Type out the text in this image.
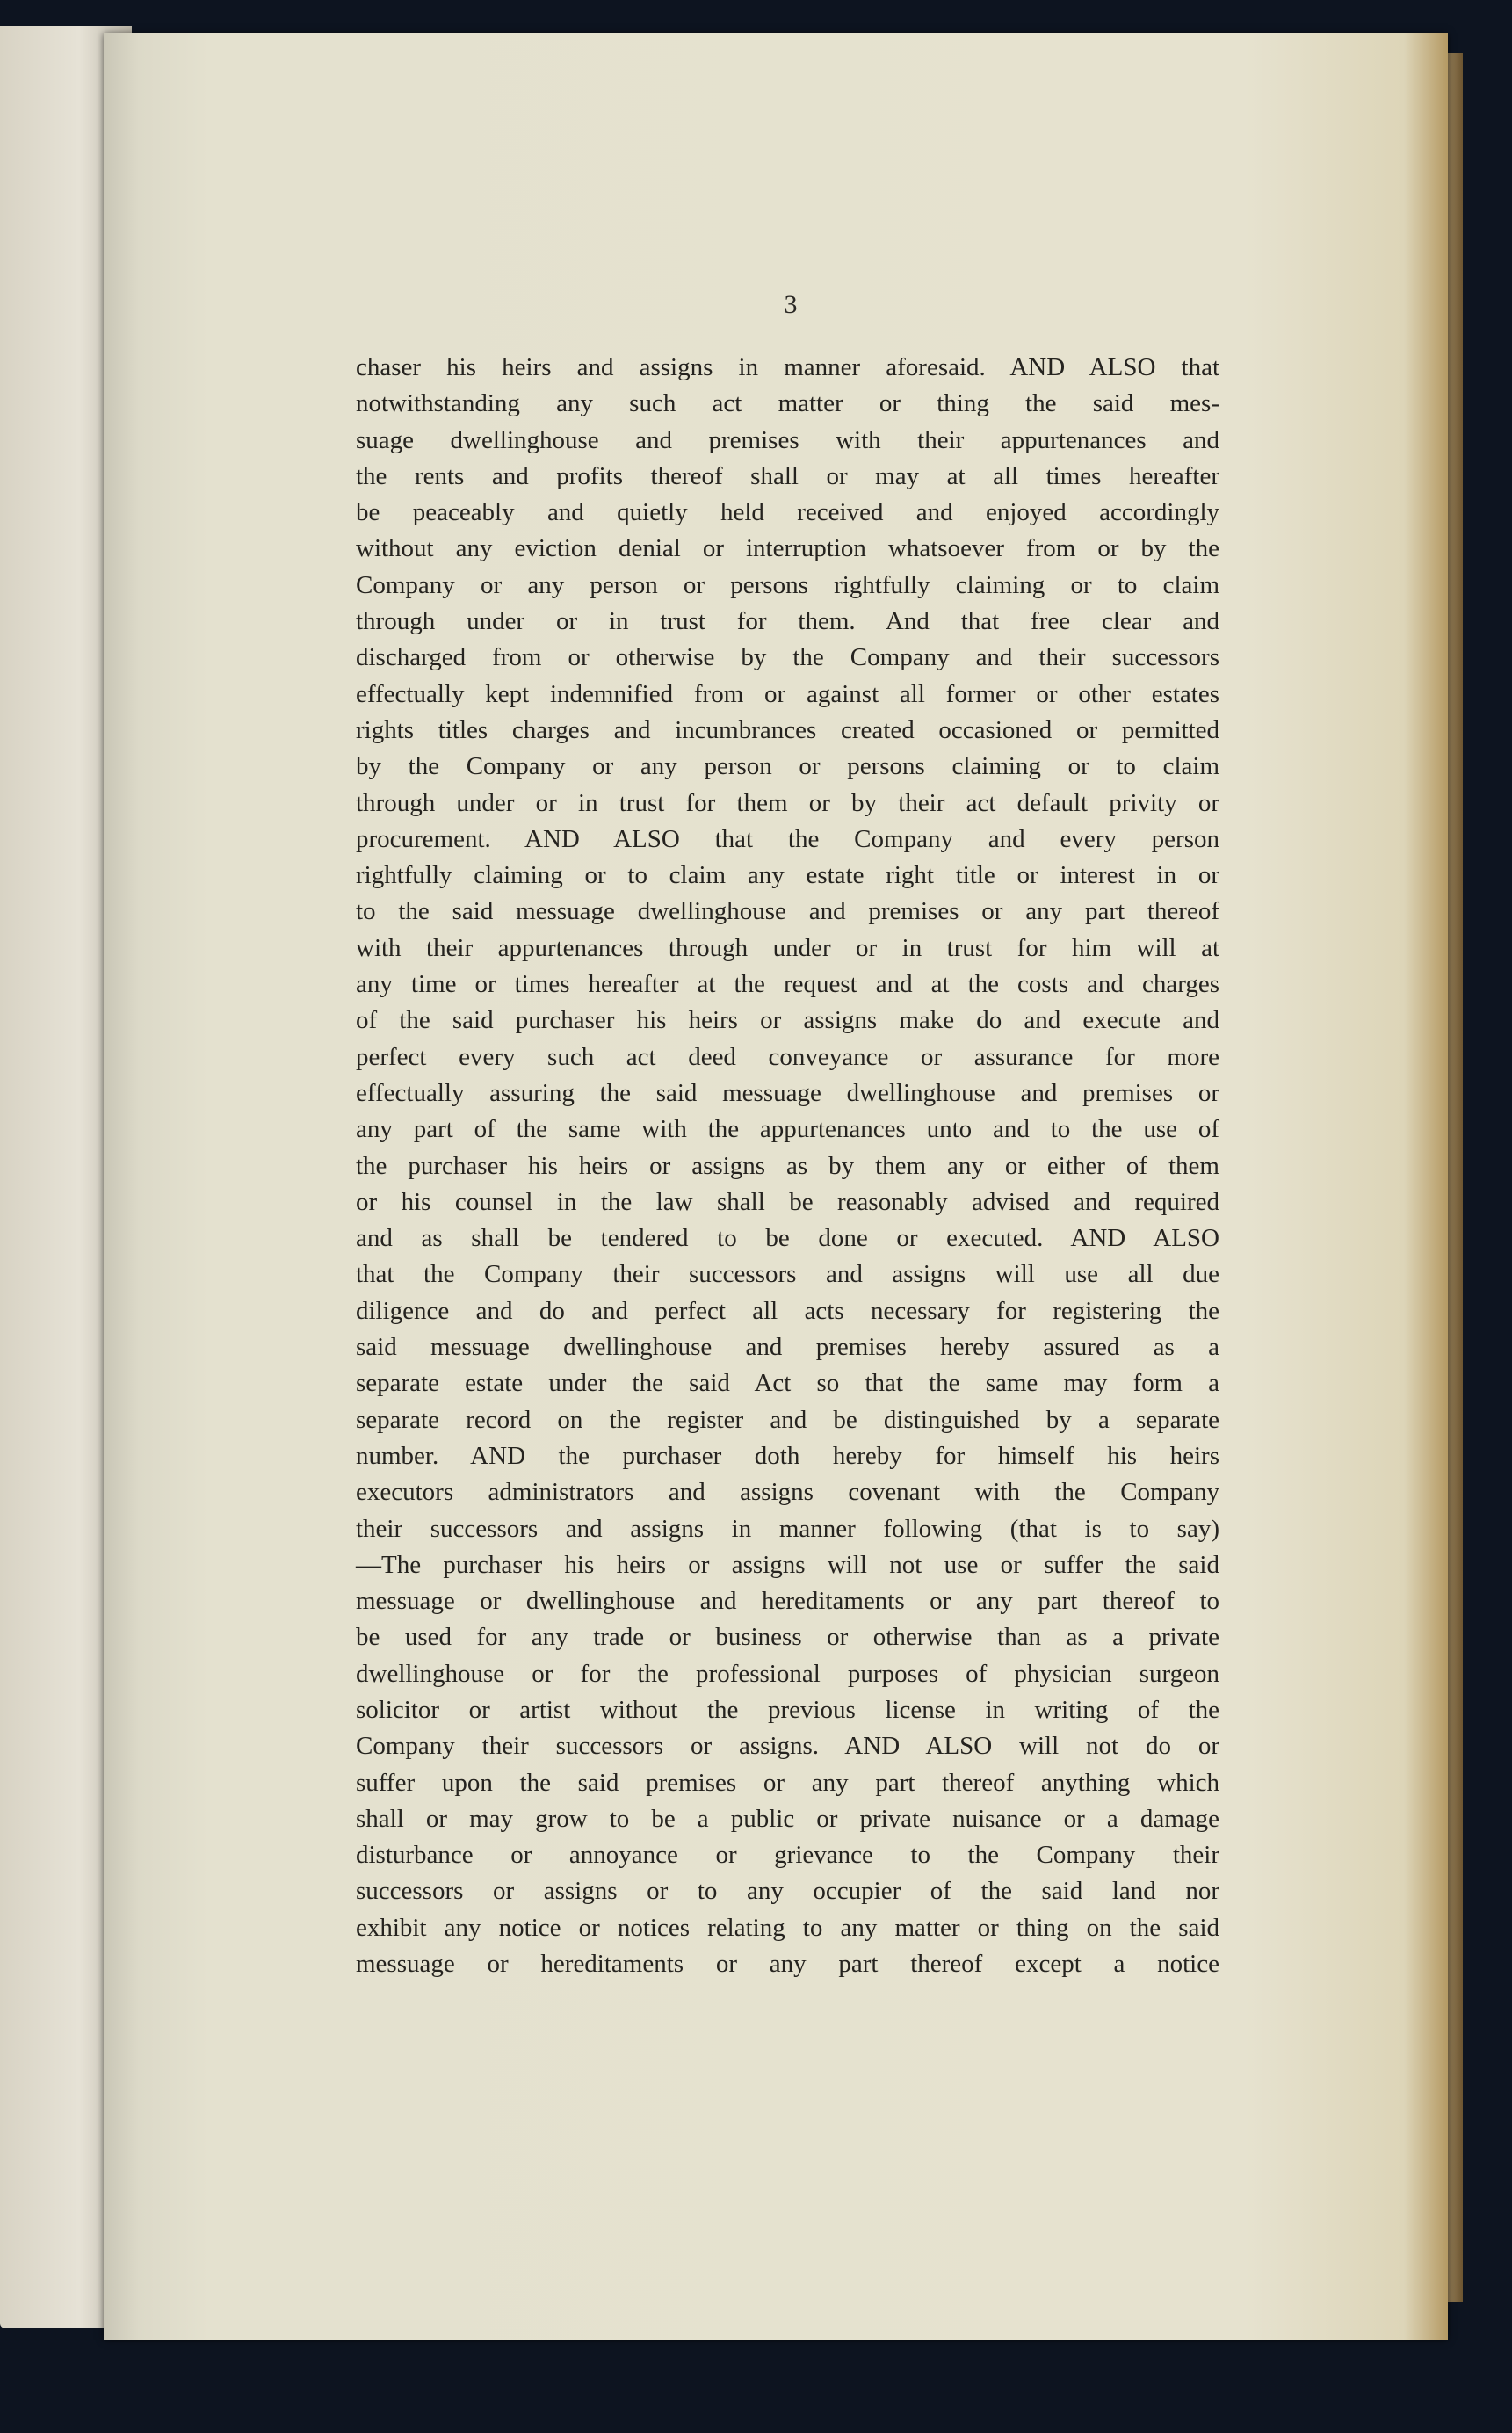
3
chaser his heirs and assigns in manner aforesaid. AND ALSO that
notwithstanding any such act matter or thing the said mes-
suage dwellinghouse and premises with their appurtenances and
the rents and profits thereof shall or may at all times hereafter
be peaceably and quietly held received and enjoyed accordingly
without any eviction denial or interruption whatsoever from or by the
Company or any person or persons rightfully claiming or to claim
through under or in trust for them. And that free clear and
discharged from or otherwise by the Company and their successors
effectually kept indemnified from or against all former or other estates
rights titles charges and incumbrances created occasioned or permitted
by the Company or any person or persons claiming or to claim
through under or in trust for them or by their act default privity or
procurement. AND ALSO that the Company and every person
rightfully claiming or to claim any estate right title or interest in or
to the said messuage dwellinghouse and premises or any part thereof
with their appurtenances through under or in trust for him will at
any time or times hereafter at the request and at the costs and charges
of the said purchaser his heirs or assigns make do and execute and
perfect every such act deed conveyance or assurance for more
effectually assuring the said messuage dwellinghouse and premises or
any part of the same with the appurtenances unto and to the use of
the purchaser his heirs or assigns as by them any or either of them
or his counsel in the law shall be reasonably advised and required
and as shall be tendered to be done or executed. AND ALSO
that the Company their successors and assigns will use all due
diligence and do and perfect all acts necessary for registering the
said messuage dwellinghouse and premises hereby assured as a
separate estate under the said Act so that the same may form a
separate record on the register and be distinguished by a separate
number. AND the purchaser doth hereby for himself his heirs
executors administrators and assigns covenant with the Company
their successors and assigns in manner following (that is to say)
—The purchaser his heirs or assigns will not use or suffer the said
messuage or dwellinghouse and hereditaments or any part thereof to
be used for any trade or business or otherwise than as a private
dwellinghouse or for the professional purposes of physician surgeon
solicitor or artist without the previous license in writing of the
Company their successors or assigns. AND ALSO will not do or
suffer upon the said premises or any part thereof anything which
shall or may grow to be a public or private nuisance or a damage
disturbance or annoyance or grievance to the Company their
successors or assigns or to any occupier of the said land nor
exhibit any notice or notices relating to any matter or thing on the said
messuage or hereditaments or any part thereof except a notice
